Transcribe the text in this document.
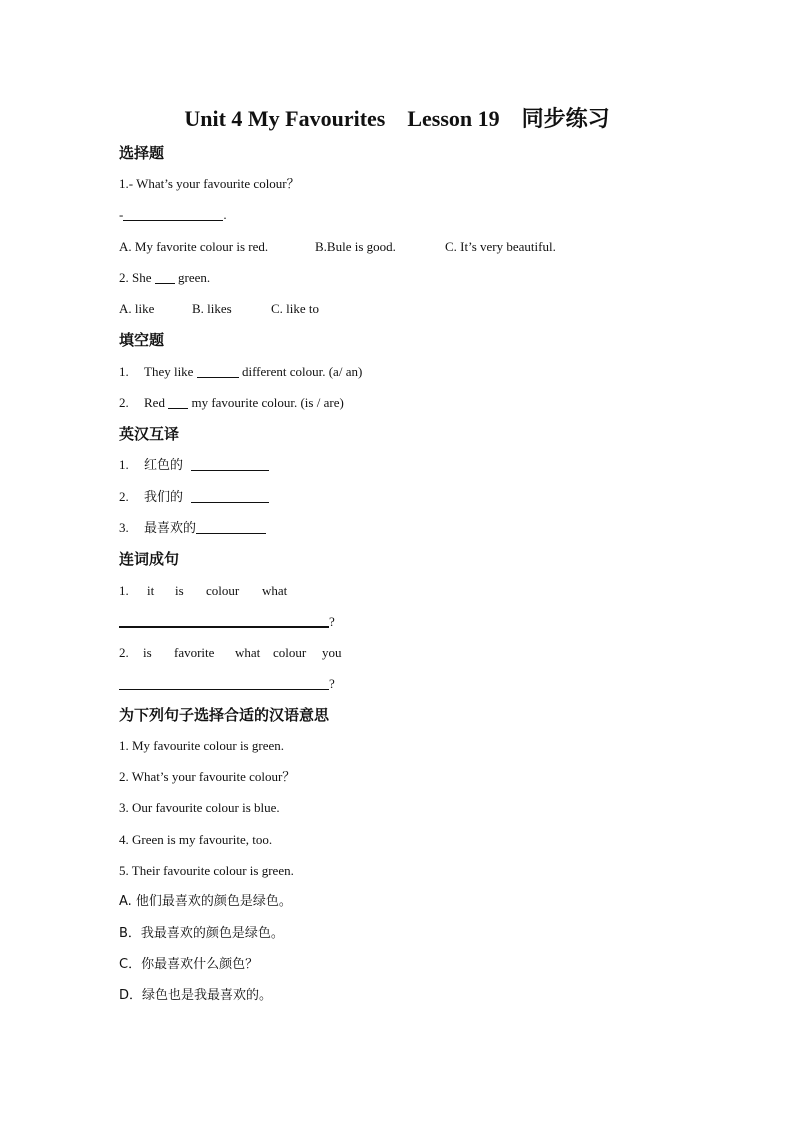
Unit 4 My Favourites    Lesson 19    同步练习
选择题
1.- What’s your favourite colour？
-	.
A. My favorite colour is red.	B.Bule is good.	C. It’s very beautiful.
2. She  green.
A. like	B. likes	C. like to
填空题
1. They like	different colour. (a/ an)
2. Red  my favourite colour. (is / are)
英汉互译
1. 红色的
2. 我们的
3. 最喜欢的
连词成句
1. it is colour what
?
2. is favorite what colour you
?
为下列句子选择合适的汉语意思
1. My favourite colour is green.
2. What’s your favourite colour？
3. Our favourite colour is blue.
4. Green is my favourite, too.
5. Their favourite colour is green.
A. 他们最喜欢的颜色是绿色。
B．我最喜欢的颜色是绿色。
C．你最喜欢什么颜色？
D．绿色也是我最喜欢的。
